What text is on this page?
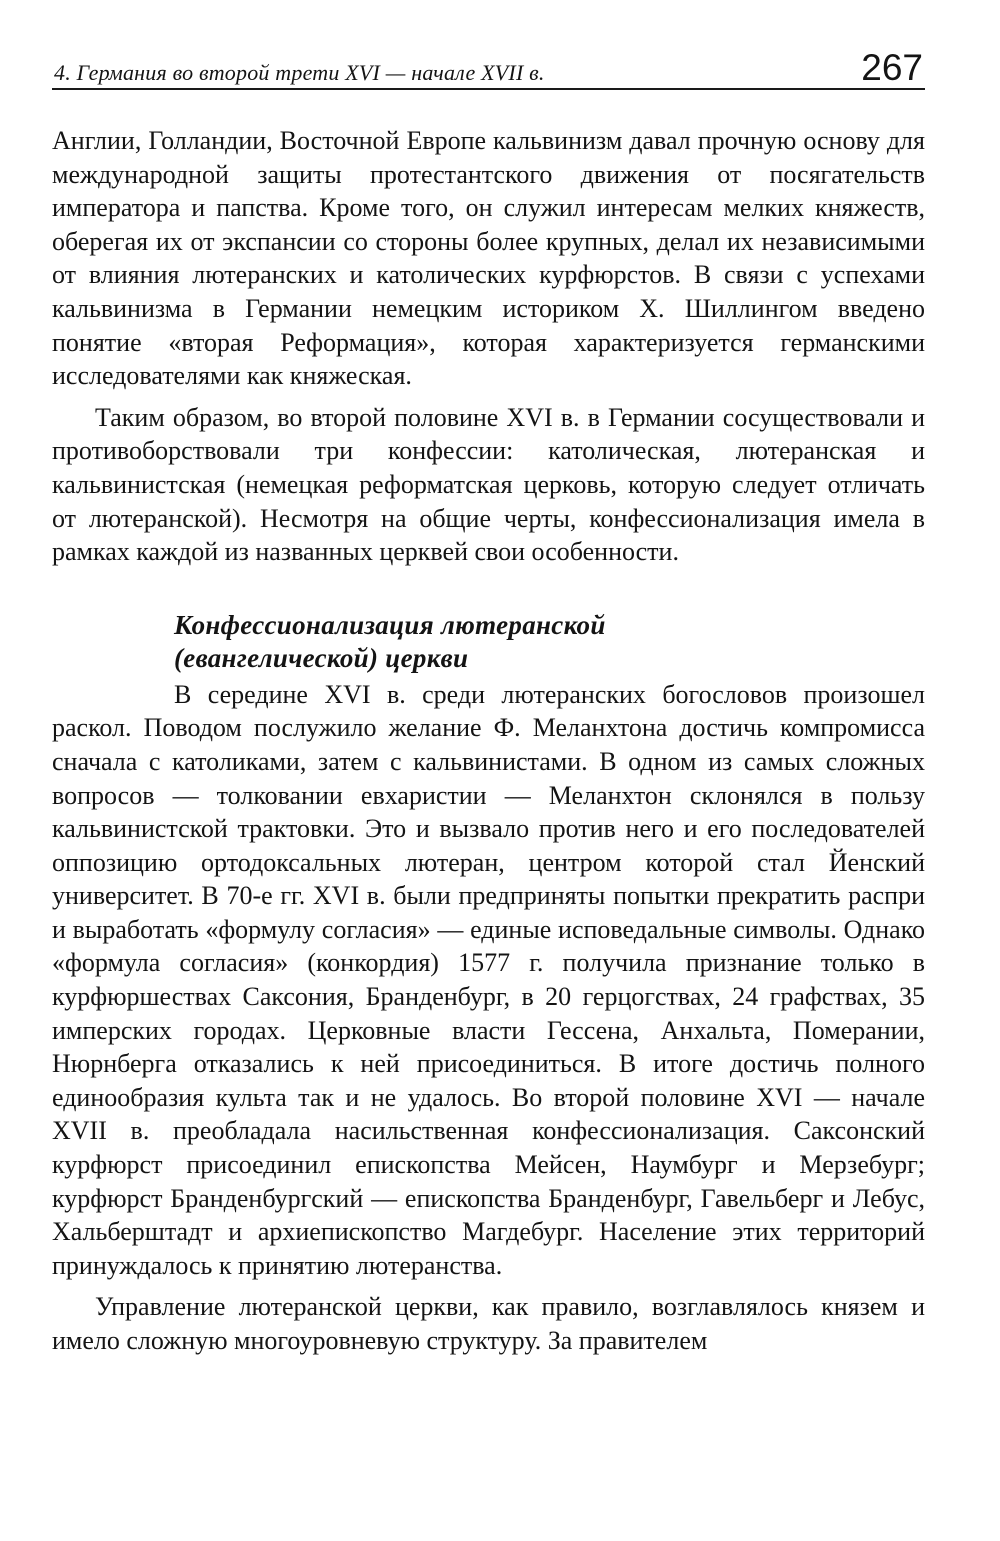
4. Германия во второй трети XVI — начале XVII в.	267

Англии, Голландии, Восточной Европе кальвинизм давал прочную основу для международной защиты протестантского движения от посягательств императора и папства. Кроме того, он служил интересам мелких княжеств, оберегая их от экспансии со стороны более крупных, делал их независимыми от влияния лютеранских и католических курфюрстов. В связи с успехами кальвинизма в Германии немецким историком Х. Шиллингом введено понятие «вторая Реформация», которая характеризуется германскими исследователями как княжеская.

Таким образом, во второй половине XVI в. в Германии сосуществовали и противоборствовали три конфессии: католическая, лютеранская и кальвинистская (немецкая реформатская церковь, которую следует отличать от лютеранской). Несмотря на общие черты, конфессионализация имела в рамках каждой из названных церквей свои особенности.

Конфессионализация лютеранской
(евангелической) церкви

В середине XVI в. среди лютеранских богословов произошел раскол. Поводом послужило желание Ф. Меланхтона достичь компромисса сначала с католиками, затем с кальвинистами. В одном из самых сложных вопросов — толковании евхаристии — Меланхтон склонялся в пользу кальвинистской трактовки. Это и вызвало против него и его последователей оппозицию ортодоксальных лютеран, центром которой стал Йенский университет. В 70-е гг. XVI в. были предприняты попытки прекратить распри и выработать «формулу согласия» — единые исповедальные символы. Однако «формула согласия» (конкордия) 1577 г. получила признание только в курфюршествах Саксония, Бранденбург, в 20 герцогствах, 24 графствах, 35 имперских городах. Церковные власти Гессена, Анхальта, Померании, Нюрнберга отказались к ней присоединиться. В итоге достичь полного единообразия культа так и не удалось. Во второй половине XVI — начале XVII в. преобладала насильственная конфессионализация. Саксонский курфюрст присоединил епископства Мейсен, Наумбург и Мерзебург; курфюрст Бранденбургский — епископства Бранденбург, Гавельберг и Лебус, Хальберштадт и архиепископство Магдебург. Население этих территорий принуждалось к принятию лютеранства.

Управление лютеранской церкви, как правило, возглавлялось князем и имело сложную многоуровневую структуру. За правителем
